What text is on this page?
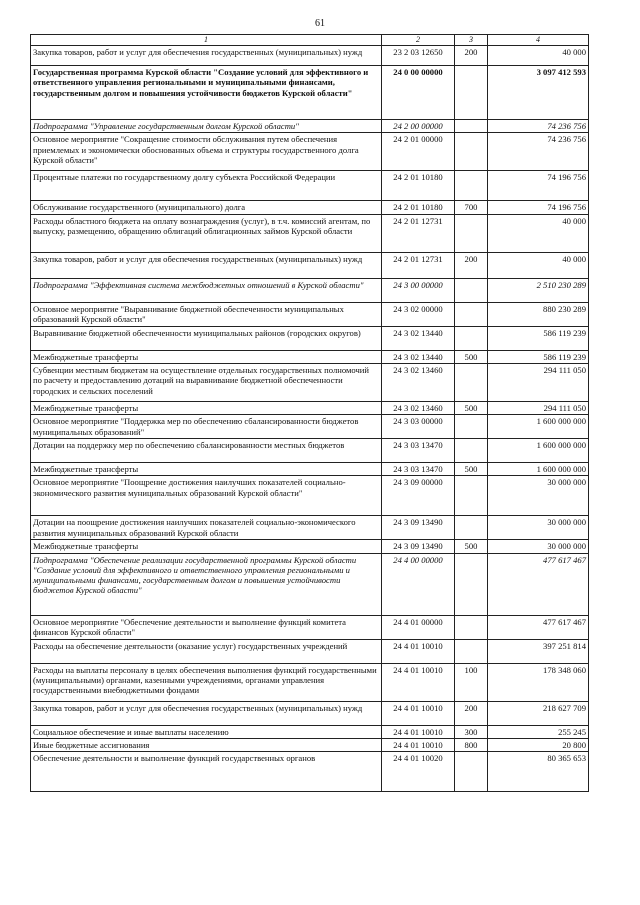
61
1	2	3	4
Закупка товаров, работ и услуг для обеспечения государственных (муниципальных) нужд	23 2 03 12650	200	40 000
Государственная программа Курской области "Создание условий для эффективного и ответственного управления региональными и муниципальными финансами, государственным долгом и повышения устойчивости бюджетов Курской области"	24 0 00 00000		3 097 412 593
Подпрограмма "Управление государственным долгом Курской области"	24 2 00 00000		74 236 756
Основное мероприятие "Сокращение стоимости обслуживания путем обеспечения приемлемых и экономически обоснованных объема и структуры государственного долга Курской области"	24 2 01 00000		74 236 756
Процентные платежи по государственному долгу субъекта Российской Федерации	24 2 01 10180		74 196 756
Обслуживание государственного (муниципального) долга	24 2 01 10180	700	74 196 756
Расходы областного бюджета на оплату вознаграждения (услуг), в т.ч. комиссий агентам, по выпуску, размещению, обращению облигаций облигационных займов Курской области	24 2 01 12731		40 000
Закупка товаров, работ и услуг для обеспечения государственных (муниципальных) нужд	24 2 01 12731	200	40 000
Подпрограмма "Эффективная система межбюджетных отношений в Курской области"	24 3 00 00000		2 510 230 289
Основное мероприятие "Выравнивание бюджетной обеспеченности муниципальных образований Курской области"	24 3 02 00000		880 230 289
Выравнивание бюджетной обеспеченности муниципальных районов (городских округов)	24 3 02 13440		586 119 239
Межбюджетные трансферты	24 3 02 13440	500	586 119 239
Субвенции местным бюджетам на осуществление отдельных государственных полномочий по расчету и предоставлению дотаций на выравнивание бюджетной обеспеченности городских и сельских поселений	24 3 02 13460		294 111 050
Межбюджетные трансферты	24 3 02 13460	500	294 111 050
Основное мероприятие "Поддержка мер по обеспечению сбалансированности бюджетов муниципальных образований"	24 3 03 00000		1 600 000 000
Дотации на поддержку мер по обеспечению сбалансированности местных бюджетов	24 3 03 13470		1 600 000 000
Межбюджетные трансферты	24 3 03 13470	500	1 600 000 000
Основное мероприятие "Поощрение достижения наилучших показателей социально-экономического развития муниципальных образований Курской области"	24 3 09 00000		30 000 000
Дотации на поощрение достижения наилучших показателей социально-экономического развития муниципальных образований Курской области	24 3 09 13490		30 000 000
Межбюджетные трансферты	24 3 09 13490	500	30 000 000
Подпрограмма "Обеспечение реализации государственной программы Курской области "Создание условий для эффективного и ответственного управления региональными и муниципальными финансами, государственным долгом и повышения устойчивости бюджетов Курской области"	24 4 00 00000		477 617 467
Основное мероприятие "Обеспечение деятельности и выполнение функций комитета финансов Курской области"	24 4 01 00000		477 617 467
Расходы на обеспечение деятельности (оказание услуг) государственных учреждений	24 4 01 10010		397 251 814
Расходы на выплаты персоналу в целях обеспечения выполнения функций государственными (муниципальными) органами, казенными учреждениями, органами управления государственными внебюджетными фондами	24 4 01 10010	100	178 348 060
Закупка товаров, работ и услуг для обеспечения государственных (муниципальных) нужд	24 4 01 10010	200	218 627 709
Социальное обеспечение и иные выплаты населению	24 4 01 10010	300	255 245
Иные бюджетные ассигнования	24 4 01 10010	800	20 800
Обеспечение деятельности и выполнение функций государственных органов	24 4 01 10020		80 365 653
